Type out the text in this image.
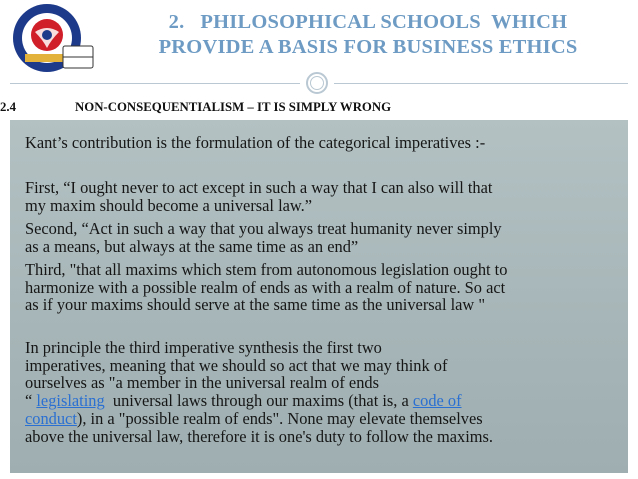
2.   PHILOSOPHICAL SCHOOLS  WHICH
PROVIDE A BASIS FOR BUSINESS ETHICS
2.4	NON-CONSEQUENTIALISM – IT IS SIMPLY WRONG
Kant’s contribution is the formulation of the categorical imperatives :-
First, “I ought never to act except in such a way that I can also will that
my maxim should become a universal law.”
Second, “Act in such a way that you always treat humanity never simply
as a means, but always at the same time as an end”
Third, "that all maxims which stem from autonomous legislation ought to
harmonize with a possible realm of ends as with a realm of nature. So act
as if your maxims should serve at the same time as the universal law "
In principle the third imperative synthesis the first two
imperatives, meaning that we should so act that we may think of
ourselves as "a member in the universal realm of ends
“ legislating  universal laws through our maxims (that is, a code of
conduct), in a "possible realm of ends". None may elevate themselves
above the universal law, therefore it is one's duty to follow the maxims.
